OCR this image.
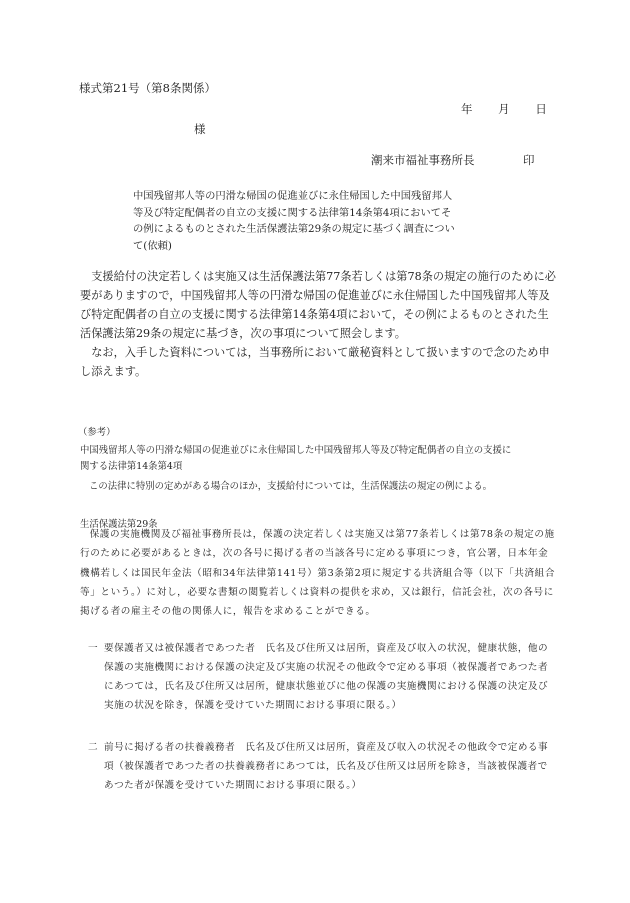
様式第21号（第8条関係）
年 月 日
様
潮来市福祉事務所長	印
中国残留邦人等の円滑な帰国の促進並びに永住帰国した中国残留邦人
等及び特定配偶者の自立の支援に関する法律第14条第4項においてそ
の例によるものとされた生活保護法第29条の規定に基づく調査につい
て(依頼)
支援給付の決定若しくは実施又は生活保護法第77条若しくは第78条の規定の施行のために必要がありますので，中国残留邦人等の円滑な帰国の促進並びに永住帰国した中国残留邦人等及び特定配偶者の自立の支援に関する法律第14条第4項において，その例によるものとされた生活保護法第29条の規定に基づき，次の事項について照会します。
なお，入手した資料については，当事務所において厳秘資料として扱いますので念のため申し添えます。
（参考）
中国残留邦人等の円滑な帰国の促進並びに永住帰国した中国残留邦人等及び特定配偶者の自立の支援に
関する法律第14条第4項
この法律に特別の定めがある場合のほか，支援給付については，生活保護法の規定の例による。
生活保護法第29条
保護の実施機関及び福祉事務所長は，保護の決定若しくは実施又は第77条若しくは第78条の規定の施行のために必要があるときは，次の各号に掲げる者の当該各号に定める事項につき，官公署，日本年金機構若しくは国民年金法（昭和34年法律第141号）第3条第2項に規定する共済組合等（以下「共済組合等」という。）に対し，必要な書類の閲覧若しくは資料の提供を求め，又は銀行，信託会社，次の各号に掲げる者の雇主その他の関係人に，報告を求めることができる。
一 要保護者又は被保護者であつた者　氏名及び住所又は居所，資産及び収入の状況，健康状態，他の保護の実施機関における保護の決定及び実施の状況その他政令で定める事項（被保護者であつた者にあつては，氏名及び住所又は居所，健康状態並びに他の保護の実施機関における保護の決定及び実施の状況を除き，保護を受けていた期間における事項に限る。）
二 前号に掲げる者の扶養義務者　氏名及び住所又は居所，資産及び収入の状況その他政令で定める事項（被保護者であつた者の扶養義務者にあつては，氏名及び住所又は居所を除き，当該被保護者であつた者が保護を受けていた期間における事項に限る。）
